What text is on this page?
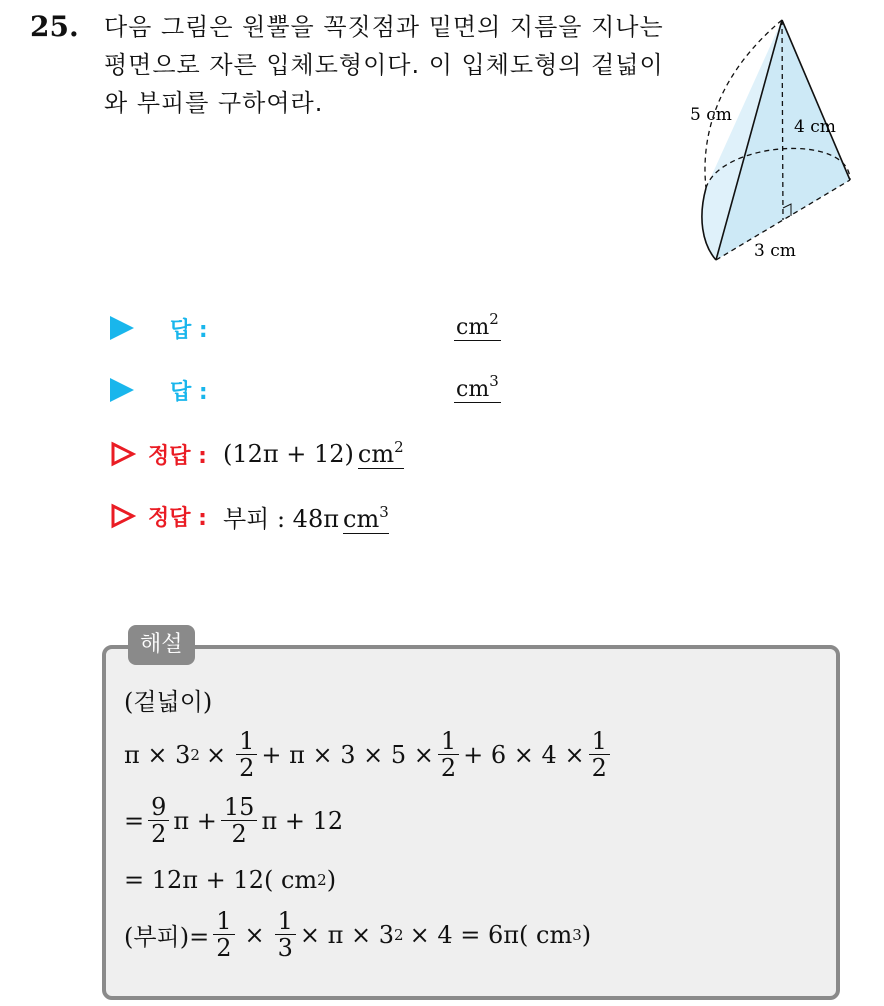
25. 다음 그림은 원뿔을 꼭짓점과 밑면의 지름을 지나는 평면으로 자른 입체도형이다. 이 입체도형의 겉넓이와 부피를 구하여라.	5 cm
4 cm
3 cm
답 :	$cm^2$
답 :	$cm^3$
정답 : (12π + 12) $cm^2$
정답 : 부피 : 48π $cm^3$
해설
(겉넓이)
π × 3 $2 \times \frac{1}{2} + \pi \times 3 \times 5 \times \frac{1}{2} + 6 \times 4 \times \frac{1}{2}$
= $\frac{9}{2}$ $\pi + \frac{15}{2}$ π + 12
= 12π + 12( cm 2 )
(부피)= $\frac{1}{2} \times \frac{1}{3} \times \pi \times 3$ 2 × 4 = 6π( cm 3 )
